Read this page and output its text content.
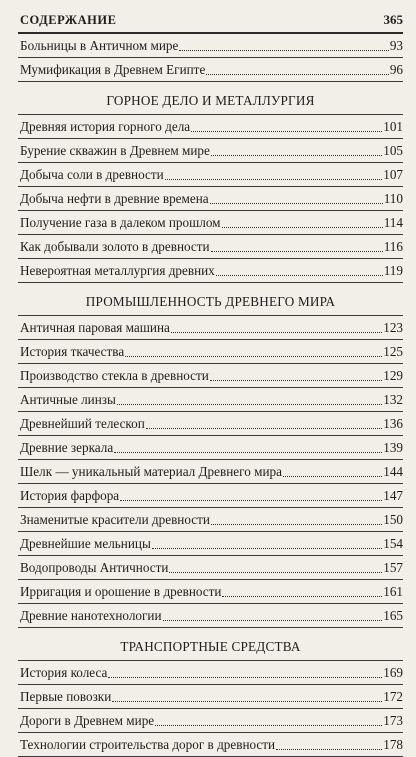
СОДЕРЖАНИЕ	365
Больницы в Античном мире	93
Мумификация в Древнем Египте	96
ГОРНОЕ ДЕЛО И МЕТАЛЛУРГИЯ
Древняя история горного дела	101
Бурение скважин в Древнем мире	105
Добыча соли в древности	107
Добыча нефти в древние времена	110
Получение газа в далеком прошлом	114
Как добывали золото в древности	116
Невероятная металлургия древних	119
ПРОМЫШЛЕННОСТЬ ДРЕВНЕГО МИРА
Античная паровая машина	123
История ткачества	125
Производство стекла в древности	129
Античные линзы	132
Древнейший телескоп	136
Древние зеркала	139
Шелк — уникальный материал Древнего мира	144
История фарфора	147
Знаменитые красители древности	150
Древнейшие мельницы	154
Водопроводы Античности	157
Ирригация и орошение в древности	161
Древние нанотехнологии	165
ТРАНСПОРТНЫЕ СРЕДСТВА
История колеса	169
Первые повозки	172
Дороги в Древнем мире	173
Технологии строительства дорог в древности	178
